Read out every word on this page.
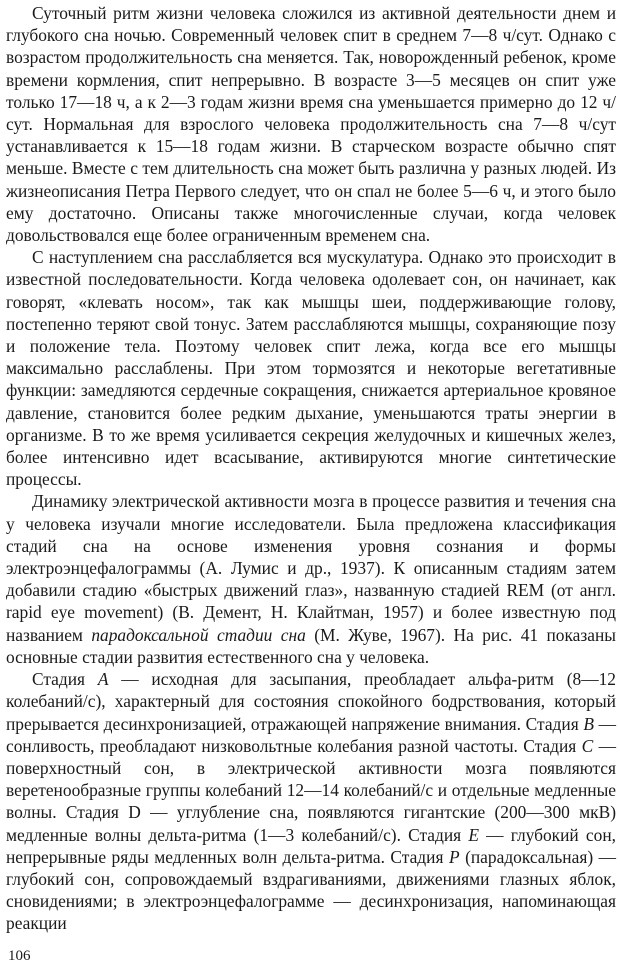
Суточный ритм жизни человека сложился из активной деятельности днем и глубокого сна ночью. Современный человек спит в среднем 7—8 ч/сут. Однако с возрастом продолжительность сна меняется. Так, новорожденный ребенок, кроме времени кормления, спит непрерывно. В возрасте 3—5 месяцев он спит уже только 17—18 ч, а к 2—3 годам жизни время сна уменьшается примерно до 12 ч/сут. Нормальная для взрослого человека продолжительность сна 7—8 ч/сут устанавливается к 15—18 годам жизни. В старческом возрасте обычно спят меньше. Вместе с тем длительность сна может быть различна у разных людей. Из жизнеописания Петра Первого следует, что он спал не более 5—6 ч, и этого было ему достаточно. Описаны также многочисленные случаи, когда человек довольствовался еще более ограниченным временем сна.

С наступлением сна расслабляется вся мускулатура. Однако это происходит в известной последовательности. Когда человека одолевает сон, он начинает, как говорят, «клевать носом», так как мышцы шеи, поддерживающие голову, постепенно теряют свой тонус. Затем расслабляются мышцы, сохраняющие позу и положение тела. Поэтому человек спит лежа, когда все его мышцы максимально расслаблены. При этом тормозятся и некоторые вегетативные функции: замедляются сердечные сокращения, снижается артериальное кровяное давление, становится более редким дыхание, уменьшаются траты энергии в организме. В то же время усиливается секреция желудочных и кишечных желез, более интенсивно идет всасывание, активируются многие синтетические процессы.

Динамику электрической активности мозга в процессе развития и течения сна у человека изучали многие исследователи. Была предложена классификация стадий сна на основе изменения уровня сознания и формы электроэнцефалограммы (А. Лумис и др., 1937). К описанным стадиям затем добавили стадию «быстрых движений глаз», названную стадией REM (от англ. rapid eye movement) (В. Демент, Н. Клайтман, 1957) и более известную под названием парадоксальной стадии сна (М. Жуве, 1967). На рис. 41 показаны основные стадии развития естественного сна у человека.

Стадия A — исходная для засыпания, преобладает альфа-ритм (8—12 колебаний/с), характерный для состояния спокойного бодрствования, который прерывается десинхронизацией, отражающей напряжение внимания. Стадия B — сонливость, преобладают низковольтные колебания разной частоты. Стадия C — поверхностный сон, в электрической активности мозга появляются веретенообразные группы колебаний 12—14 колебаний/с и отдельные медленные волны. Стадия D — углубление сна, появляются гигантские (200—300 мкВ) медленные волны дельта-ритма (1—3 колебаний/с). Стадия E — глубокий сон, непрерывные ряды медленных волн дельта-ритма. Стадия P (парадоксальная) — глубокий сон, сопровождаемый вздрагиваниями, движениями глазных яблок, сновидениями; в электроэнцефалограмме — десинхронизация, напоминающая реакции

106
